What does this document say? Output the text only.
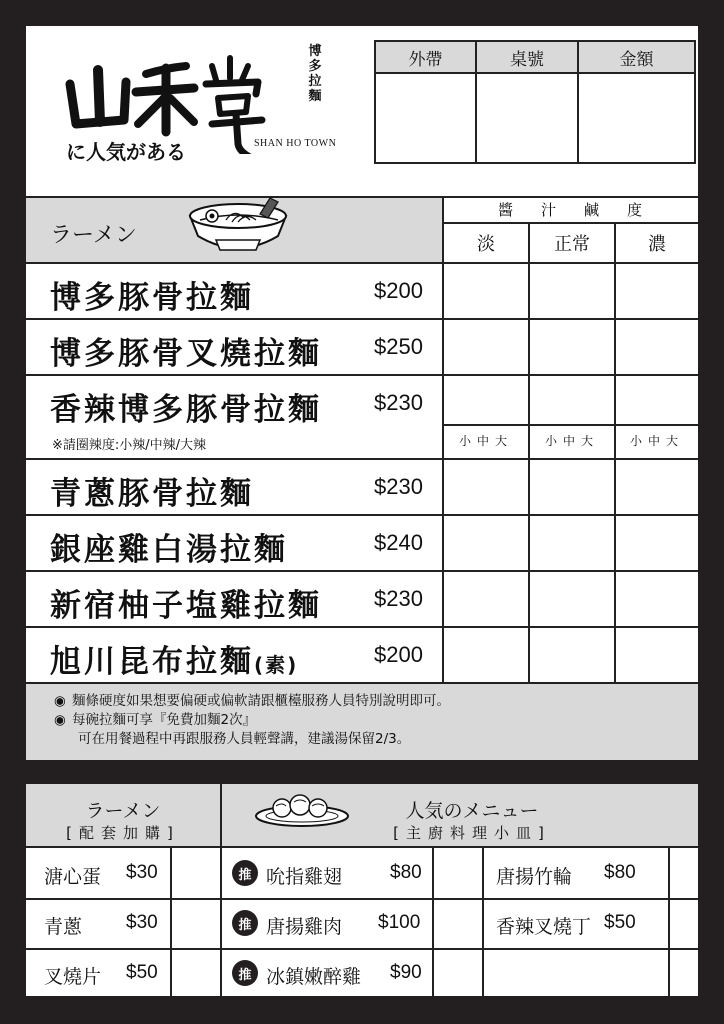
に人気がある	SHAN HO TOWN
博
多
拉
麵
外帶	桌號	金額
ラーメン
醬汁鹹度
淡	正常	濃
博多豚骨拉麵	$200
博多豚骨叉燒拉麵 $250
香辣博多豚骨拉麵 $230
※請圈辣度:小辣/中辣/大辣	小中大	小中大	小中大
青蔥豚骨拉麵	$230
銀座雞白湯拉麵	$240
新宿柚子塩雞拉麵 $230
旭川昆布拉麵(素)	$200
◉ 麵條硬度如果想要偏硬或偏軟請跟櫃檯服務人員特別說明即可。
◉ 每碗拉麵可享『免費加麵2次』
可在用餐過程中再跟服務人員輕聲講，建議湯保留2/3。
ラーメン
[配套加購]
人気のメニュー
[主廚料理小皿]
溏心蛋 $30
青蔥 $30
叉燒片 $50
推 吮指雞翅	$80
推 唐揚雞肉 $100
推 冰鎮嫩醉雞 $90
唐揚竹輪 $80
香辣叉燒丁 $50
